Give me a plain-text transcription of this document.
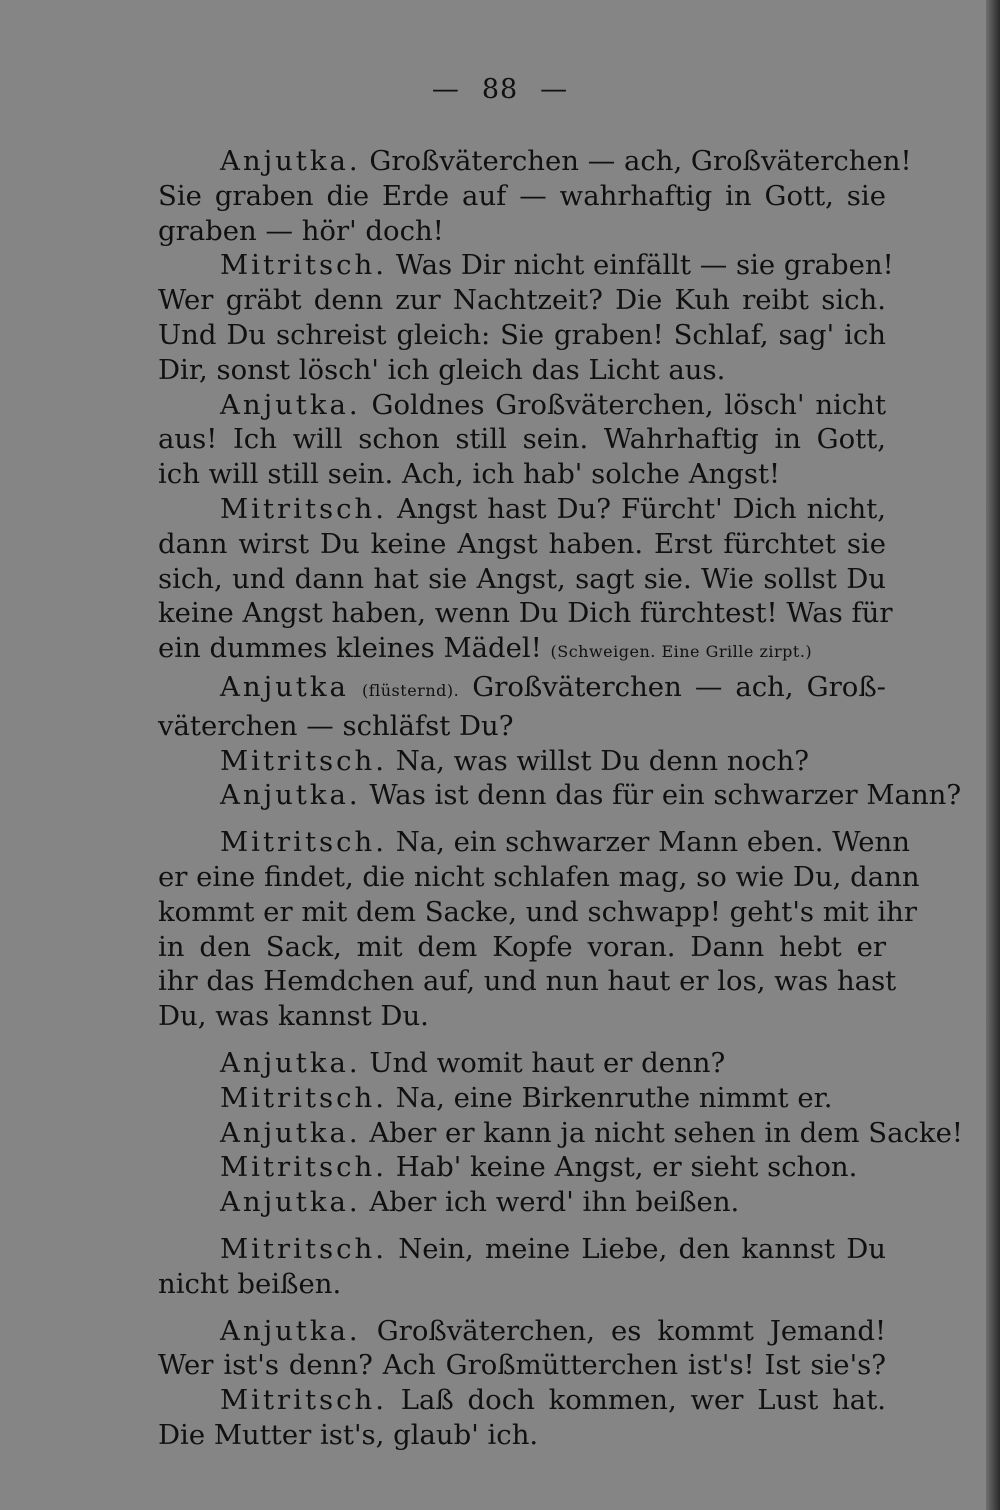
— 88 —
Anjutka. Großväterchen — ach, Großväterchen!
Sie graben die Erde auf — wahrhaftig in Gott, sie
graben — hör' doch!
Mitritsch. Was Dir nicht einfällt — sie graben!
Wer gräbt denn zur Nachtzeit? Die Kuh reibt sich.
Und Du schreist gleich: Sie graben! Schlaf, sag' ich
Dir, sonst lösch' ich gleich das Licht aus.
Anjutka. Goldnes Großväterchen, lösch' nicht
aus! Ich will schon still sein. Wahrhaftig in Gott,
ich will still sein. Ach, ich hab' solche Angst!
Mitritsch. Angst hast Du? Fürcht' Dich nicht,
dann wirst Du keine Angst haben. Erst fürchtet sie
sich, und dann hat sie Angst, sagt sie. Wie sollst Du
keine Angst haben, wenn Du Dich fürchtest! Was für
ein dummes kleines Mädel! (Schweigen. Eine Grille zirpt.)
Anjutka (flüsternd). Großväterchen — ach, Groß-
väterchen — schläfst Du?
Mitritsch. Na, was willst Du denn noch?
Anjutka. Was ist denn das für ein schwarzer Mann?
Mitritsch. Na, ein schwarzer Mann eben. Wenn
er eine findet, die nicht schlafen mag, so wie Du, dann
kommt er mit dem Sacke, und schwapp! geht's mit ihr
in den Sack, mit dem Kopfe voran. Dann hebt er
ihr das Hemdchen auf, und nun haut er los, was hast
Du, was kannst Du.
Anjutka. Und womit haut er denn?
Mitritsch. Na, eine Birkenruthe nimmt er.
Anjutka. Aber er kann ja nicht sehen in dem Sacke!
Mitritsch. Hab' keine Angst, er sieht schon.
Anjutka. Aber ich werd' ihn beißen.
Mitritsch. Nein, meine Liebe, den kannst Du
nicht beißen.
Anjutka. Großväterchen, es kommt Jemand!
Wer ist's denn? Ach Großmütterchen ist's! Ist sie's?
Mitritsch. Laß doch kommen, wer Lust hat.
Die Mutter ist's, glaub' ich.
